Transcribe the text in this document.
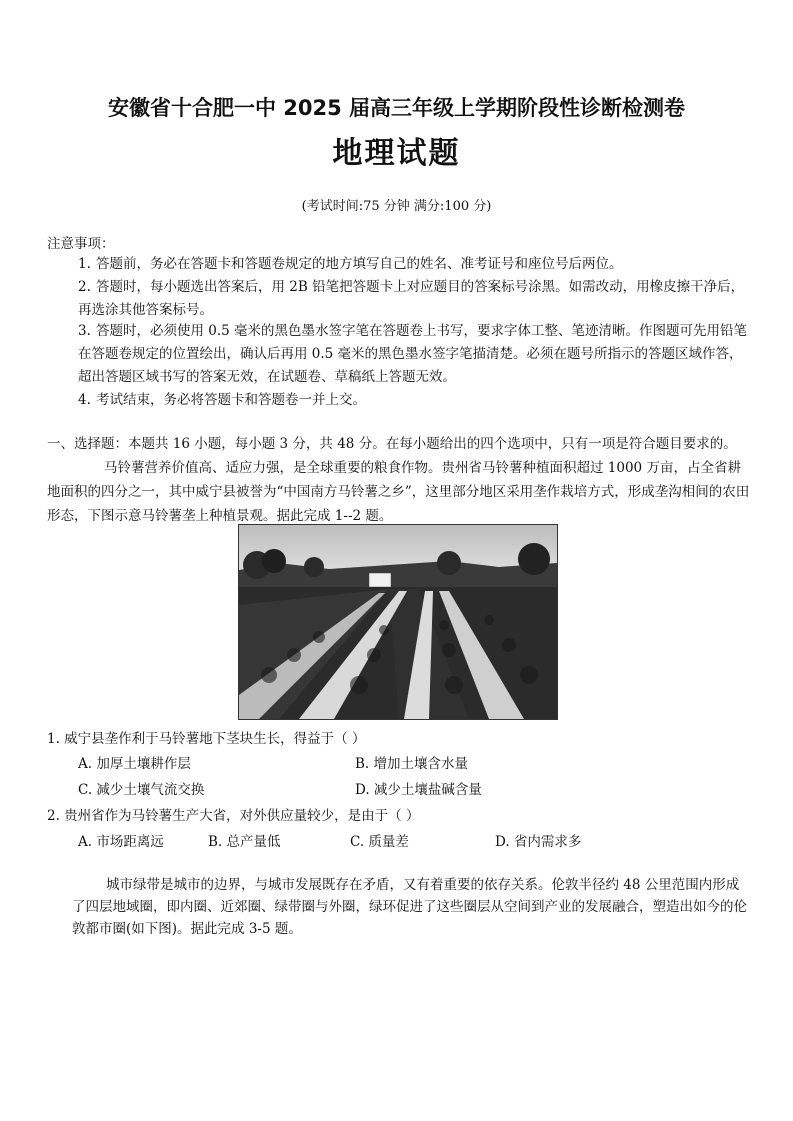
安徽省十合肥一中 2025 届高三年级上学期阶段性诊断检测卷
地理试题
(考试时间:75 分钟 满分:100 分)
注意事项：
1. 答题前，务必在答题卡和答题卷规定的地方填写自己的姓名、准考证号和座位号后两位。
2. 答题时，每小题选出答案后，用 2B 铅笔把答题卡上对应题目的答案标号涂黑。如需改动，用橡皮擦干净后，再选涂其他答案标号。
3. 答题时，必须使用 0.5 毫米的黑色墨水签字笔在答题卷上书写，要求字体工整、笔迹清晰。作图题可先用铅笔在答题卷规定的位置绘出，确认后再用 0.5 毫米的黑色墨水签字笔描清楚。必须在题号所指示的答题区域作答，超出答题区域书写的答案无效，在试题卷、草稿纸上答题无效。
4. 考试结束，务必将答题卡和答题卷一并上交。
一、选择题：本题共 16 小题，每小题 3 分，共 48 分。在每小题给出的四个选项中，只有一项是符合题目要求的。
马铃薯营养价值高、适应力强，是全球重要的粮食作物。贵州省马铃薯种植面积超过 1000 万亩，占全省耕地面积的四分之一，其中威宁县被誉为“中国南方马铃薯之乡”，这里部分地区采用垄作栽培方式，形成垄沟相间的农田形态，下图示意马铃薯垄上种植景观。据此完成 1--2 题。
1. 威宁县垄作利于马铃薯地下茎块生长，得益于（ ）
A. 加厚土壤耕作层	B. 增加土壤含水量
C. 减少土壤气流交换	D. 减少土壤盐碱含量
2. 贵州省作为马铃薯生产大省，对外供应量较少，是由于（ ）
A. 市场距离远	B. 总产量低	C. 质量差	D. 省内需求多
城市绿带是城市的边界，与城市发展既存在矛盾，又有着重要的依存关系。伦敦半径约 48 公里范围内形成了四层地域圈，即内圈、近郊圈、绿带圈与外圈，绿环促进了这些圈层从空间到产业的发展融合，塑造出如今的伦敦都市圈(如下图)。据此完成 3-5 题。
